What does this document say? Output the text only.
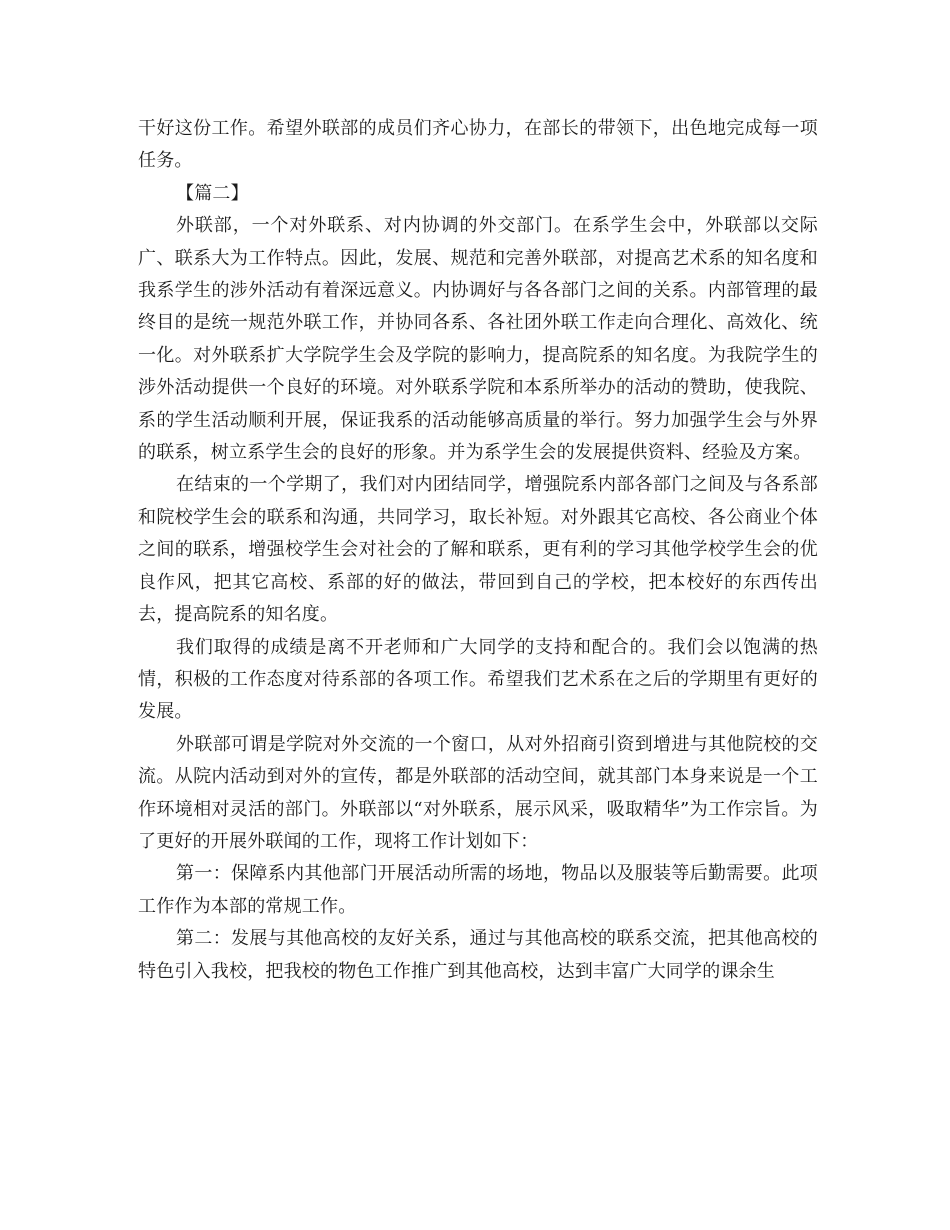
干好这份工作。希望外联部的成员们齐心协力，在部长的带领下，出色地完成每一项任务。

【篇二】

外联部，一个对外联系、对内协调的外交部门。在系学生会中，外联部以交际广、联系大为工作特点。因此，发展、规范和完善外联部，对提高艺术系的知名度和我系学生的涉外活动有着深远意义。内协调好与各各部门之间的关系。内部管理的最终目的是统一规范外联工作，并协同各系、各社团外联工作走向合理化、高效化、统一化。对外联系扩大学院学生会及学院的影响力，提高院系的知名度。为我院学生的涉外活动提供一个良好的环境。对外联系学院和本系所举办的活动的赞助，使我院、系的学生活动顺利开展，保证我系的活动能够高质量的举行。努力加强学生会与外界的联系，树立系学生会的良好的形象。并为系学生会的发展提供资料、经验及方案。

在结束的一个学期了，我们对内团结同学，增强院系内部各部门之间及与各系部和院校学生会的联系和沟通，共同学习，取长补短。对外跟其它高校、各公商业个体之间的联系，增强校学生会对社会的了解和联系，更有利的学习其他学校学生会的优良作风，把其它高校、系部的好的做法，带回到自己的学校，把本校好的东西传出去，提高院系的知名度。

我们取得的成绩是离不开老师和广大同学的支持和配合的。我们会以饱满的热情，积极的工作态度对待系部的各项工作。希望我们艺术系在之后的学期里有更好的发展。

外联部可谓是学院对外交流的一个窗口，从对外招商引资到增进与其他院校的交流。从院内活动到对外的宣传，都是外联部的活动空间，就其部门本身来说是一个工作环境相对灵活的部门。外联部以“对外联系，展示风采，吸取精华”为工作宗旨。为了更好的开展外联闻的工作，现将工作计划如下：

第一：保障系内其他部门开展活动所需的场地，物品以及服装等后勤需要。此项工作作为本部的常规工作。

第二：发展与其他高校的友好关系，通过与其他高校的联系交流，把其他高校的特色引入我校，把我校的物色工作推广到其他高校，达到丰富广大同学的课余生
